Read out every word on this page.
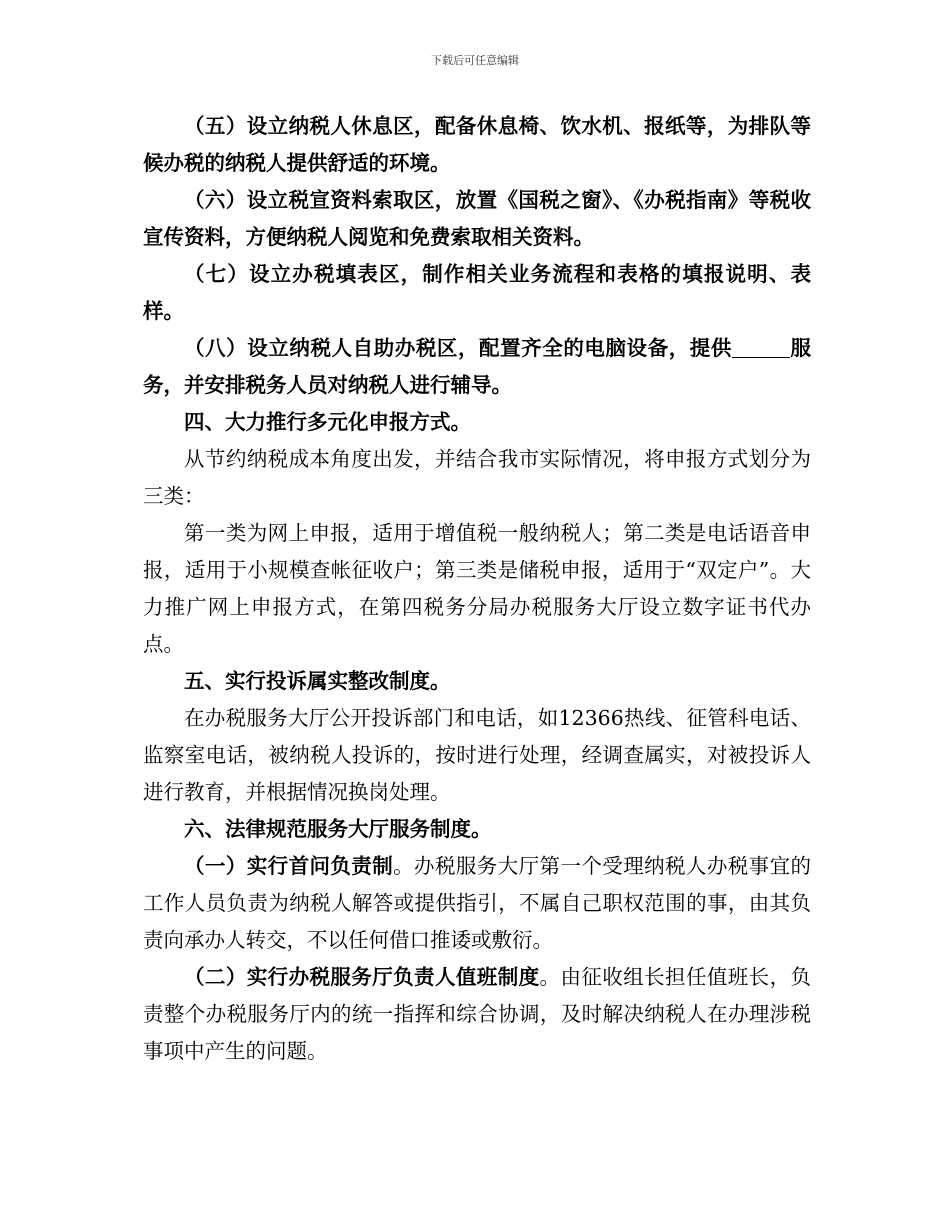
下载后可任意编辑

（五）设立纳税人休息区，配备休息椅、饮水机、报纸等，为排队等候办税的纳税人提供舒适的环境。

（六）设立税宣资料索取区，放置《国税之窗》、《办税指南》等税收宣传资料，方便纳税人阅览和免费索取相关资料。

（七）设立办税填表区，制作相关业务流程和表格的填报说明、表样。

（八）设立纳税人自助办税区，配置齐全的电脑设备，提供	服务，并安排税务人员对纳税人进行辅导。

四、大力推行多元化申报方式。

从节约纳税成本角度出发，并结合我市实际情况，将申报方式划分为三类：

第一类为网上申报，适用于增值税一般纳税人；第二类是电话语音申报，适用于小规模查帐征收户；第三类是储税申报，适用于“双定户”。大力推广网上申报方式，在第四税务分局办税服务大厅设立数字证书代办点。

五、实行投诉属实整改制度。

在办税服务大厅公开投诉部门和电话，如12366热线、征管科电话、监察室电话，被纳税人投诉的，按时进行处理，经调查属实，对被投诉人进行教育，并根据情况换岗处理。

六、法律规范服务大厅服务制度。

（一）实行首问负责制。办税服务大厅第一个受理纳税人办税事宜的工作人员负责为纳税人解答或提供指引，不属自己职权范围的事，由其负责向承办人转交，不以任何借口推诿或敷衍。

（二）实行办税服务厅负责人值班制度。由征收组长担任值班长，负责整个办税服务厅内的统一指挥和综合协调，及时解决纳税人在办理涉税事项中产生的问题。
